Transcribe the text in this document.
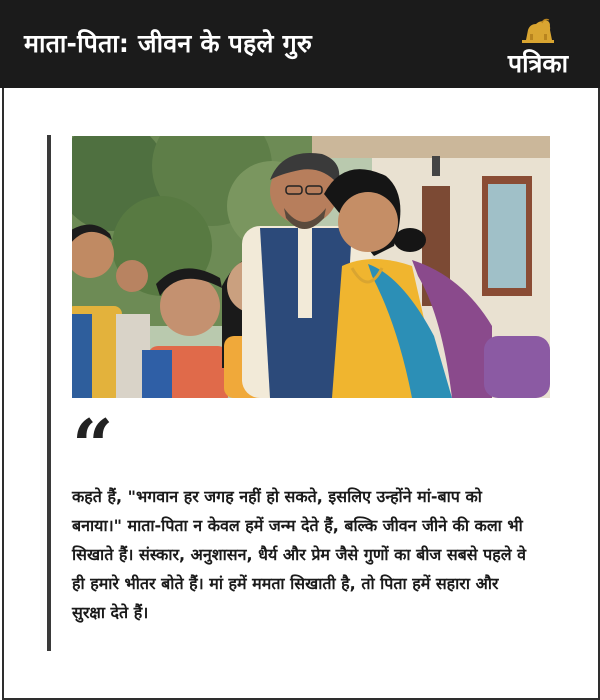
माता-पिता: जीवन के पहले गुरु
पत्रिका
“
कहते हैं, "भगवान हर जगह नहीं हो सकते, इसलिए उन्होंने मां-बाप को बनाया।" माता-पिता न केवल हमें जन्म देते हैं, बल्कि जीवन जीने की कला भी सिखाते हैं। संस्कार, अनुशासन, धैर्य और प्रेम जैसे गुणों का बीज सबसे पहले वे ही हमारे भीतर बोते हैं। मां हमें ममता सिखाती है, तो पिता हमें सहारा और सुरक्षा देते हैं।
